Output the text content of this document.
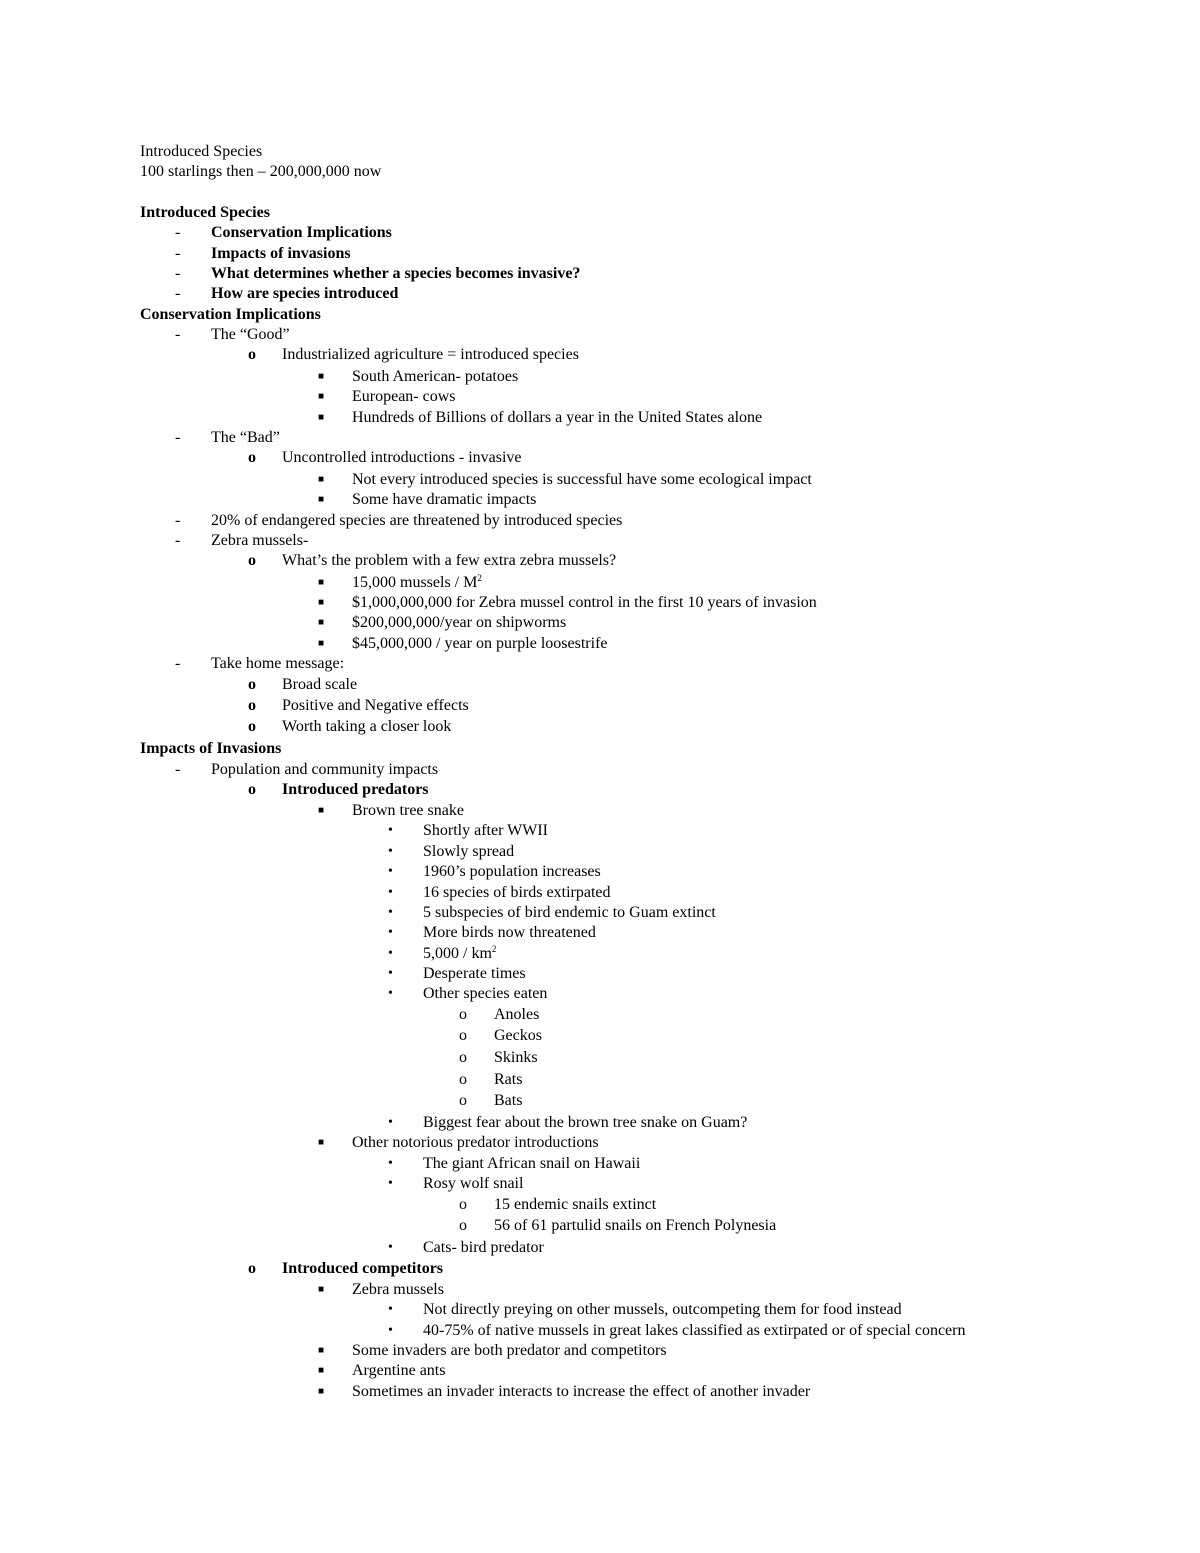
Introduced Species
100 starlings then – 200,000,000 now
Introduced Species
-	Conservation Implications
-	Impacts of invasions
-	What determines whether a species becomes invasive?
-	How are species introduced
Conservation Implications
-	The “Good”
o	Industrialized agriculture = introduced species
■	South American- potatoes
■	European- cows
■	Hundreds of Billions of dollars a year in the United States alone
-	The “Bad”
o	Uncontrolled introductions - invasive
■	Not every introduced species is successful have some ecological impact
■	Some have dramatic impacts
-	20% of endangered species are threatened by introduced species
-	Zebra mussels-
o	What’s the problem with a few extra zebra mussels?
■	15,000 mussels / $M^2$
■	$1,000,000,000 for Zebra mussel control in the first 10 years of invasion
■	$200,000,000/year on shipworms
■	$45,000,000 / year on purple loosestrife
-	Take home message:
o	Broad scale
o	Positive and Negative effects
o	Worth taking a closer look
Impacts of Invasions
-	Population and community impacts
o	Introduced predators
■	Brown tree snake
•	Shortly after WWII
•	Slowly spread
•	1960’s population increases
•	16 species of birds extirpated
•	5 subspecies of bird endemic to Guam extinct
•	More birds now threatened
•	$5,000 / km^2$
•	Desperate times
•	Other species eaten
o	Anoles
o	Geckos
o	Skinks
o	Rats
o	Bats
•	Biggest fear about the brown tree snake on Guam?
■	Other notorious predator introductions
•	The giant African snail on Hawaii
•	Rosy wolf snail
o	15 endemic snails extinct
o	56 of 61 partulid snails on French Polynesia
•	Cats- bird predator
o	Introduced competitors
■	Zebra mussels
•	Not directly preying on other mussels, outcompeting them for food instead
•	40-75% of native mussels in great lakes classified as extirpated or of special concern
■	Some invaders are both predator and competitors
■	Argentine ants
■	Sometimes an invader interacts to increase the effect of another invader
